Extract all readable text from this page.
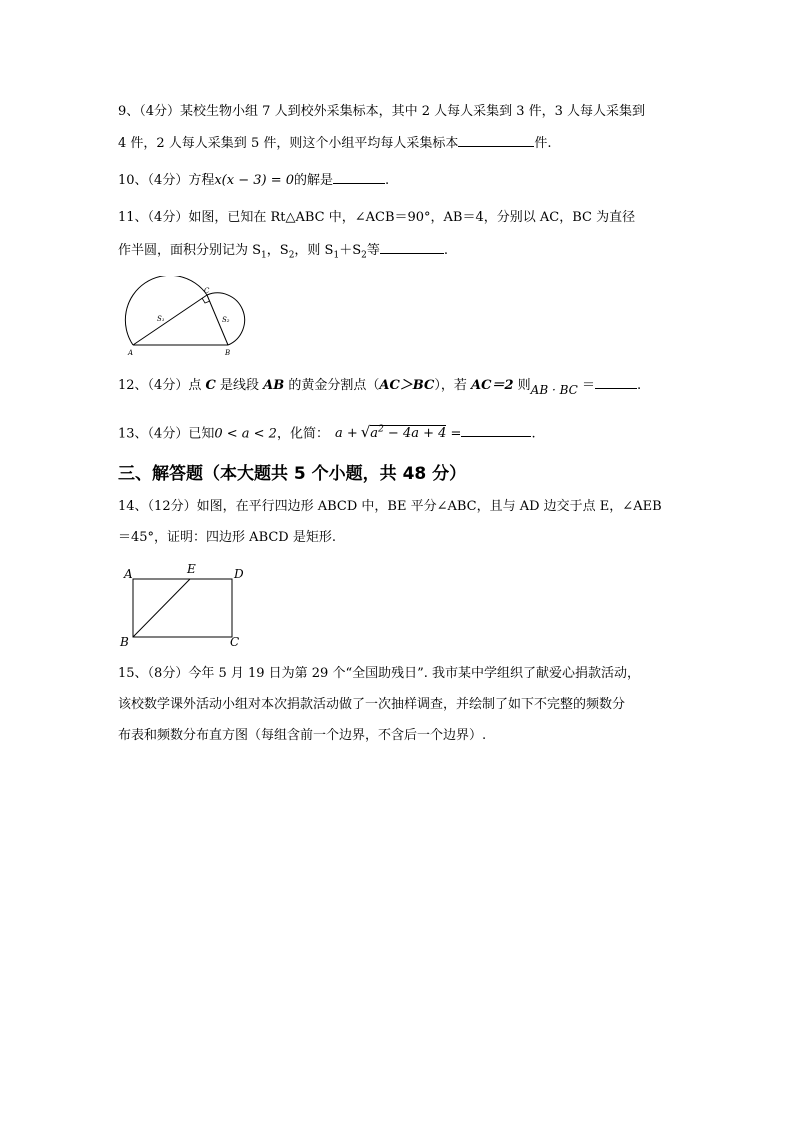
9、（4分）某校生物小组 7 人到校外采集标本，其中 2 人每人采集到 3 件，3 人每人采集到
4 件，2 人每人采集到 5 件，则这个小组平均每人采集标本	件.
10、（4分）方程x(x − 3) = 0的解是	.
11、（4分）如图，已知在 Rt△ABC 中，∠ACB＝90°，AB＝4，分别以 AC，BC 为直径
作半圆，面积分别记为 $S_1$，$S_2$，则 $S_1+S_2$等	.
A	B
C
S₁	S₂
12、（4分）点 C 是线段 AB 的黄金分割点（AC＞BC），若 AC＝2 则AB · BC ＝	.
13、（4分）已知0 < a < 2，化简： $a + √a^2 - 4a + 4$ =	.
三、解答题（本大题共 5 个小题，共 48 分）
14、（12分）如图，在平行四边形 ABCD 中，BE 平分∠ABC，且与 AD 边交于点 E，∠AEB
＝45°，证明：四边形 ABCD 是矩形.
A	E	D
B	C
15、（8分）今年 5 月 19 日为第 29 个“全国助残日”. 我市某中学组织了献爱心捐款活动，
该校数学课外活动小组对本次捐款活动做了一次抽样调查，并绘制了如下不完整的频数分
布表和频数分布直方图（每组含前一个边界，不含后一个边界）.
